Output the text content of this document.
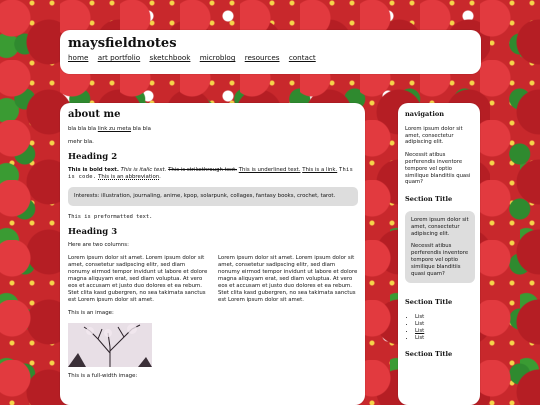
maysfieldnotes
home art portfolio sketchbook microblog resources contact
about me

bla bla bla link zu meta bla bla

mehr bla.

Heading 2

This is bold text. This is italic text. This is strikethrough text. This is underlined text. This is a link. This is code. This is an abbreviation.

Interests: illustration, journaling, anime, kpop, solarpunk, collages, fantasy books, crochet, tarot.
This is preformatted text.
Heading 3

Here are two columns:

Lorem ipsum dolor sit amet. Lorem ipsum dolor sit amet, consetetur sadipscing elitr, sed diam nonumy eirmod tempor invidunt ut labore et dolore magna aliquyam erat, sed diam voluptua. At vero eos et accusam et justo duo dolores et ea rebum. Stet clita kasd gubergren, no sea takimata sanctus est Lorem ipsum dolor sit amet.
Lorem ipsum dolor sit amet. Lorem ipsum dolor sit amet, consetetur sadipscing elitr, sed diam nonumy eirmod tempor invidunt ut labore et dolore magna aliquyam erat, sed diam voluptua. At vero eos et accusam et justo duo dolores et ea rebum. Stet clita kasd gubergren, no sea takimata sanctus est Lorem ipsum dolor sit amet.

This is an image:

This is a full-width image:

navigation

Lorem ipsum dolor sit amet, consectetur adipiscing elit.

Necessit atibus perferendis inventore tempore vel optio similique blanditiis quasi quam?

Section Title

Lorem ipsum dolor sit amet, consectetur adipiscing elit.

Necessit atibus perferendis inventore tempore vel optio similique blanditiis quasi quam?

Section Title
• List
• List
• List
• List
Section Title
